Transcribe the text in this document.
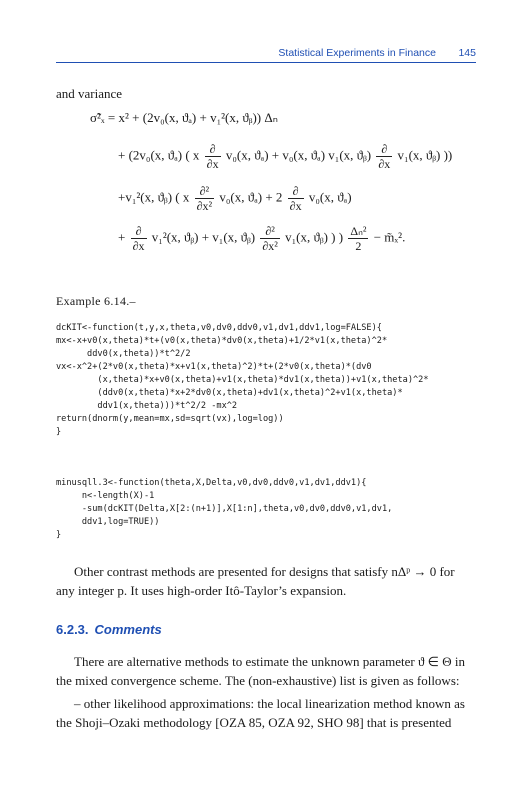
Statistical Experiments in Finance 145
and variance
σ̃²ₓ = x² + (2v₀(x, ϑₐ) + v₁²(x, ϑᵦ)) Δₙ
+ (2v₀(x, ϑₐ) ( x $\frac{\partial}{\partial x} v_0(x$, ϑₐ) + v₀(x, ϑₐ) v₁(x, ϑᵦ) $\frac{\partial}{\partial x} v_1(x$, ϑᵦ) ))
+v₁²(x, ϑᵦ) ( x $\frac{\text{∂²}}{\text{∂x²}} v_0(x$, $ϑ_a) + 2 \frac{\partial}{\partial x} v_0(x$, ϑₐ)
+ $\frac{\partial}{\partial x} v_1^2(x$, ϑᵦ) + v₁(x, ϑᵦ) $\frac{\text{∂²}}{\text{∂x²}} v_1(x$, ϑᵦ) ) ) $\frac{\text{Δₙ²}}{2}$ − m̃ₓ².
Example 6.14.–
dcKIT<-function(t,y,x,theta,v0,dv0,ddv0,v1,dv1,ddv1,log=FALSE){
mx<-x+v0(x,theta)*t+(v0(x,theta)*dv0(x,theta)+1/2*v1(x,theta)^2*
ddv0(x,theta))*t^2/2
vx<-x^2+(2*v0(x,theta)*x+v1(x,theta)^2)*t+(2*v0(x,theta)*(dv0
(x,theta)*x+v0(x,theta)+v1(x,theta)*dv1(x,theta))+v1(x,theta)^2*
(ddv0(x,theta)*x+2*dv0(x,theta)+dv1(x,theta)^2+v1(x,theta)*
ddv1(x,theta)))*t^2/2 -mx^2
return(dnorm(y,mean=mx,sd=sqrt(vx),log=log))
}
minusqll.3<-function(theta,X,Delta,v0,dv0,ddv0,v1,dv1,ddv1){
n<-length(X)-1
-sum(dcKIT(Delta,X[2:(n+1)],X[1:n],theta,v0,dv0,ddv0,v1,dv1,
ddv1,log=TRUE))
}
Other contrast methods are presented for designs that satisfy nΔᵖ → 0 for any integer p. It uses high-order Itô-Taylor’s expansion.
6.2.3. Comments
There are alternative methods to estimate the unknown parameter ϑ ∈ Θ in the mixed convergence scheme. The (non-exhaustive) list is given as follows:
– other likelihood approximations: the local linearization method known as the Shoji–Ozaki methodology [OZA 85, OZA 92, SHO 98] that is presented
